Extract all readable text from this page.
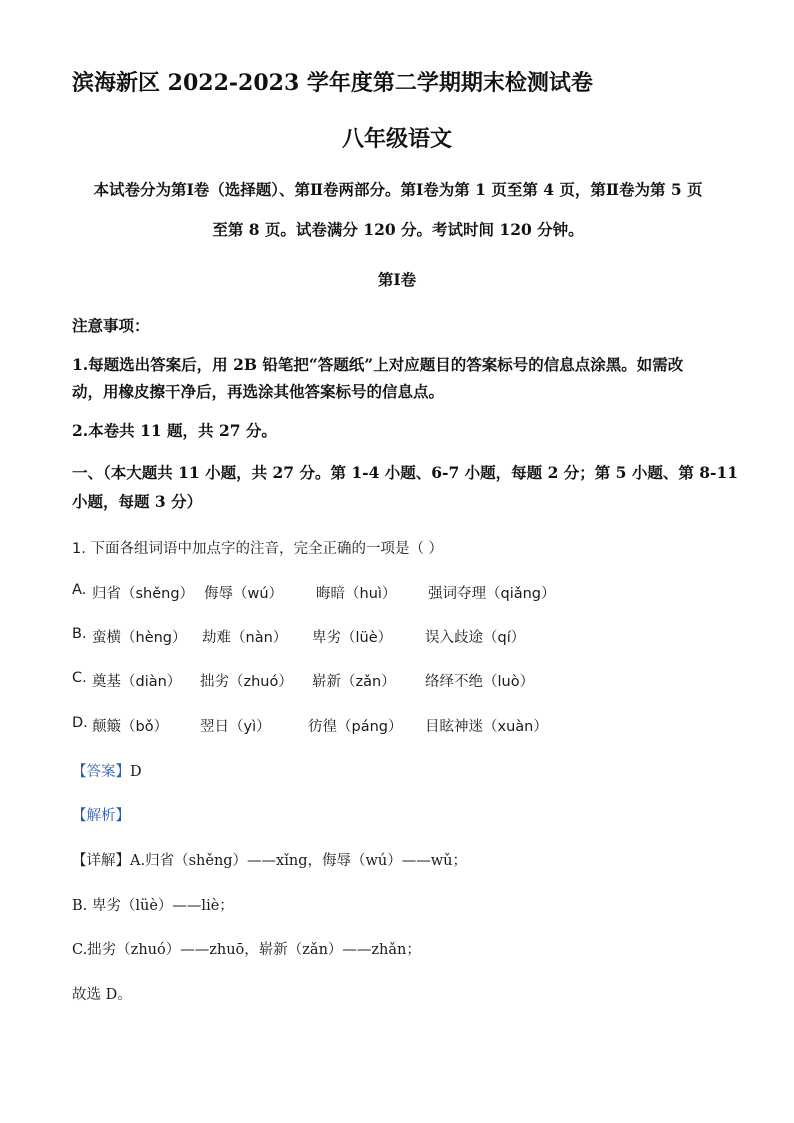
滨海新区 2022-2023 学年度第二学期期末检测试卷
八年级语文
本试卷分为第Ⅰ卷（选择题）、第Ⅱ卷两部分。第Ⅰ卷为第 1 页至第 4 页，第Ⅱ卷为第 5 页
至第 8 页。试卷满分 120 分。考试时间 120 分钟。
第Ⅰ卷
注意事项：
1.每题选出答案后，用 2B 铅笔把“答题纸”上对应题目的答案标号的信息点涂黑。如需改
动，用橡皮擦干净后，再选涂其他答案标号的信息点。
2.本卷共 11 题，共 27 分。
一、（本大题共 11 小题，共 27 分。第 1-4 小题、6-7 小题，每题 2 分；第 5 小题、第 8-11
小题，每题 3 分）
1. 下面各组词语中加点字的注音，完全正确的一项是（ ）
A. 归省（shěng） 侮辱（wú） 晦暗（huì） 强词夺理（qiǎng）
B. 蛮横（hèng） 劫难（nàn） 卑劣（lüè） 误入歧途（qí）
C. 奠基（diàn） 拙劣（zhuó） 崭新（zǎn） 络绎不绝（luò）
D. 颠簸（bǒ） 翌日（yì）	彷徨（páng） 目眩神迷（xuàn）
【答案】D
【解析】
【详解】A.归省（shěng）——xǐng，侮辱（wú）——wǔ；
B. 卑劣（lüè）——liè；
C.拙劣（zhuó）——zhuō，崭新（zǎn）——zhǎn；
故选 D。
